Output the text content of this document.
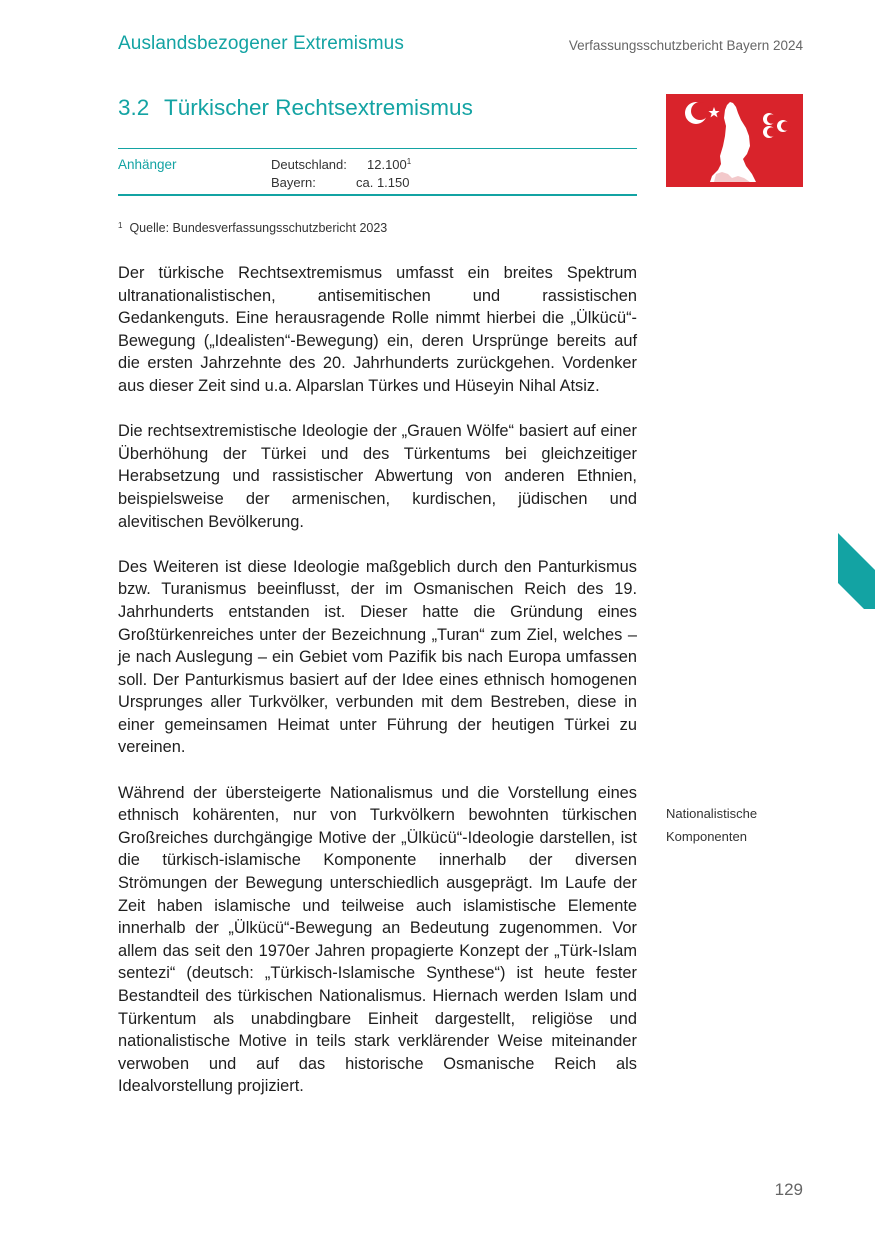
Auslandsbezogener Extremismus	Verfassungsschutzbericht Bayern 2024
3.2 Türkischer Rechtsextremismus
Anhänger	Deutschland: 12.100$^1$
Bayern:	ca. 1.150
$^1$ Quelle: Bundesverfassungsschutzbericht 2023

Der türkische Rechtsextremismus umfasst ein breites Spektrum ultranationalistischen, antisemitischen und rassistischen Gedankenguts. Eine herausragende Rolle nimmt hierbei die „Ülkücü“-Bewegung („Idealisten“-Bewegung) ein, deren Ursprünge bereits auf die ersten Jahrzehnte des 20. Jahrhunderts zurückgehen. Vordenker aus dieser Zeit sind u.a. Alparslan Türkes und Hüseyin Nihal Atsiz.

Die rechtsextremistische Ideologie der „Grauen Wölfe“ basiert auf einer Überhöhung der Türkei und des Türkentums bei gleichzeitiger Herabsetzung und rassistischer Abwertung von anderen Ethnien, beispielsweise der armenischen, kurdischen, jüdischen und alevitischen Bevölkerung.

Des Weiteren ist diese Ideologie maßgeblich durch den Panturkismus bzw. Turanismus beeinflusst, der im Osmanischen Reich des 19. Jahrhunderts entstanden ist. Dieser hatte die Gründung eines Großtürkenreiches unter der Bezeichnung „Turan“ zum Ziel, welches – je nach Auslegung – ein Gebiet vom Pazifik bis nach Europa umfassen soll. Der Panturkismus basiert auf der Idee eines ethnisch homogenen Ursprunges aller Turkvölker, verbunden mit dem Bestreben, diese in einer gemeinsamen Heimat unter Führung der heutigen Türkei zu vereinen.

Während der übersteigerte Nationalismus und die Vorstellung eines ethnisch kohärenten, nur von Turkvölkern bewohnten türkischen Großreiches durchgängige Motive der „Ülkücü“-Ideologie darstellen, ist die türkisch-islamische Komponente innerhalb der diversen Strömungen der Bewegung unterschiedlich ausgeprägt. Im Laufe der Zeit haben islamische und teilweise auch islamistische Elemente innerhalb der „Ülkücü“-Bewegung an Bedeutung zugenommen. Vor allem das seit den 1970er Jahren propagierte Konzept der „Türk-Islam sentezi“ (deutsch: „Türkisch-Islamische Synthese“) ist heute fester Bestandteil des türkischen Nationalismus. Hiernach werden Islam und Türkentum als unabdingbare Einheit dargestellt, religiöse und nationalistische Motive in teils stark verklärender Weise miteinander verwoben und auf das historische Osmanische Reich als Idealvorstellung projiziert.

Nationalistische
Komponenten
129
